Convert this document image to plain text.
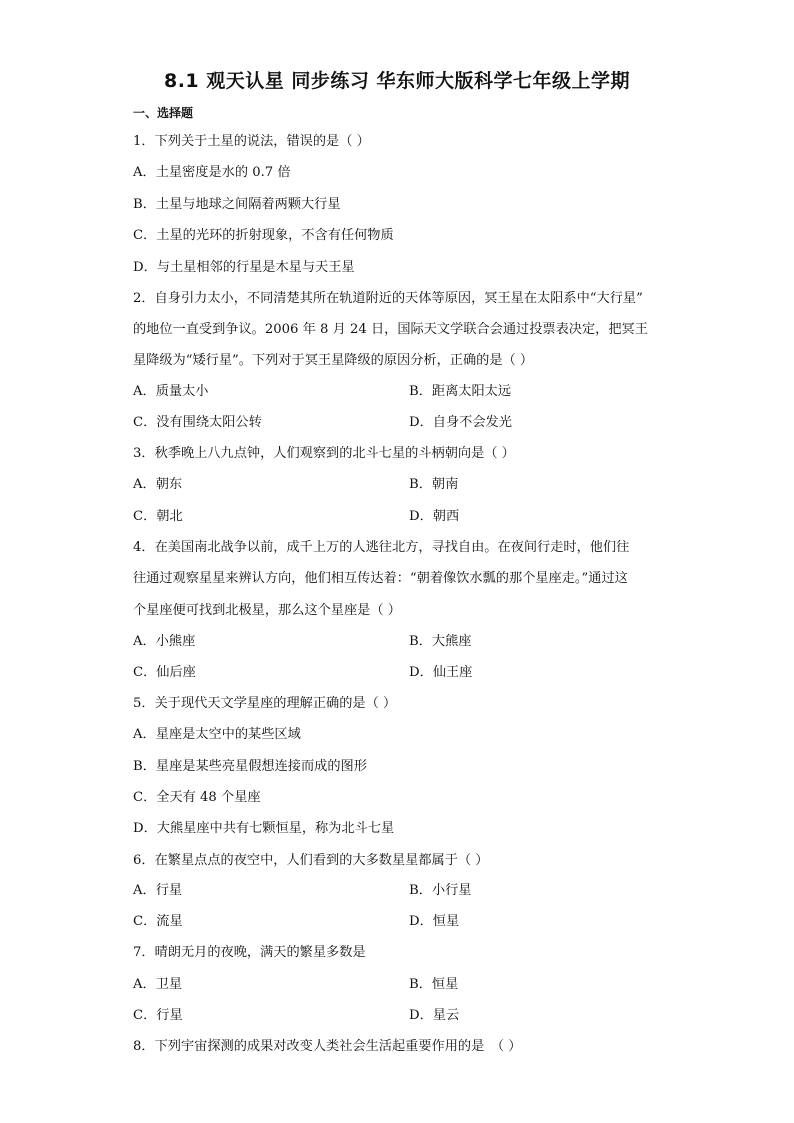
8.1 观天认星 同步练习 华东师大版科学七年级上学期
一、选择题
1．下列关于土星的说法，错误的是（ ）
A．土星密度是水的 0.7 倍
B．土星与地球之间隔着两颗大行星
C．土星的光环的折射现象，不含有任何物质
D．与土星相邻的行星是木星与天王星
2．自身引力太小，不同清楚其所在轨道附近的天体等原因，冥王星在太阳系中“大行星”
的地位一直受到争议。2006 年 8 月 24 日，国际天文学联合会通过投票表决定，把冥王
星降级为“矮行星”。下列对于冥王星降级的原因分析，正确的是（ ）
A．质量太小	B．距离太阳太远
C．没有围绕太阳公转	D．自身不会发光
3．秋季晚上八九点钟，人们观察到的北斗七星的斗柄朝向是（ ）
A．朝东	B．朝南
C．朝北	D．朝西
4．在美国南北战争以前，成千上万的人逃往北方，寻找自由。在夜间行走时，他们往
往通过观察星星来辨认方向，他们相互传达着：“朝着像饮水瓢的那个星座走。”通过这
个星座便可找到北极星，那么这个星座是（ ）
A．小熊座	B．大熊座
C．仙后座	D．仙王座
5．关于现代天文学星座的理解正确的是（ ）
A．星座是太空中的某些区域
B．星座是某些亮星假想连接而成的图形
C．全天有 48 个星座
D．大熊星座中共有七颗恒星，称为北斗七星
6．在繁星点点的夜空中，人们看到的大多数星星都属于（ ）
A．行星	B．小行星
C．流星	D．恒星
7．晴朗无月的夜晚，满天的繁星多数是
A．卫星	B．恒星
C．行星	D．星云
8．下列宇宙探测的成果对改变人类社会生活起重要作用的是　（ ）
